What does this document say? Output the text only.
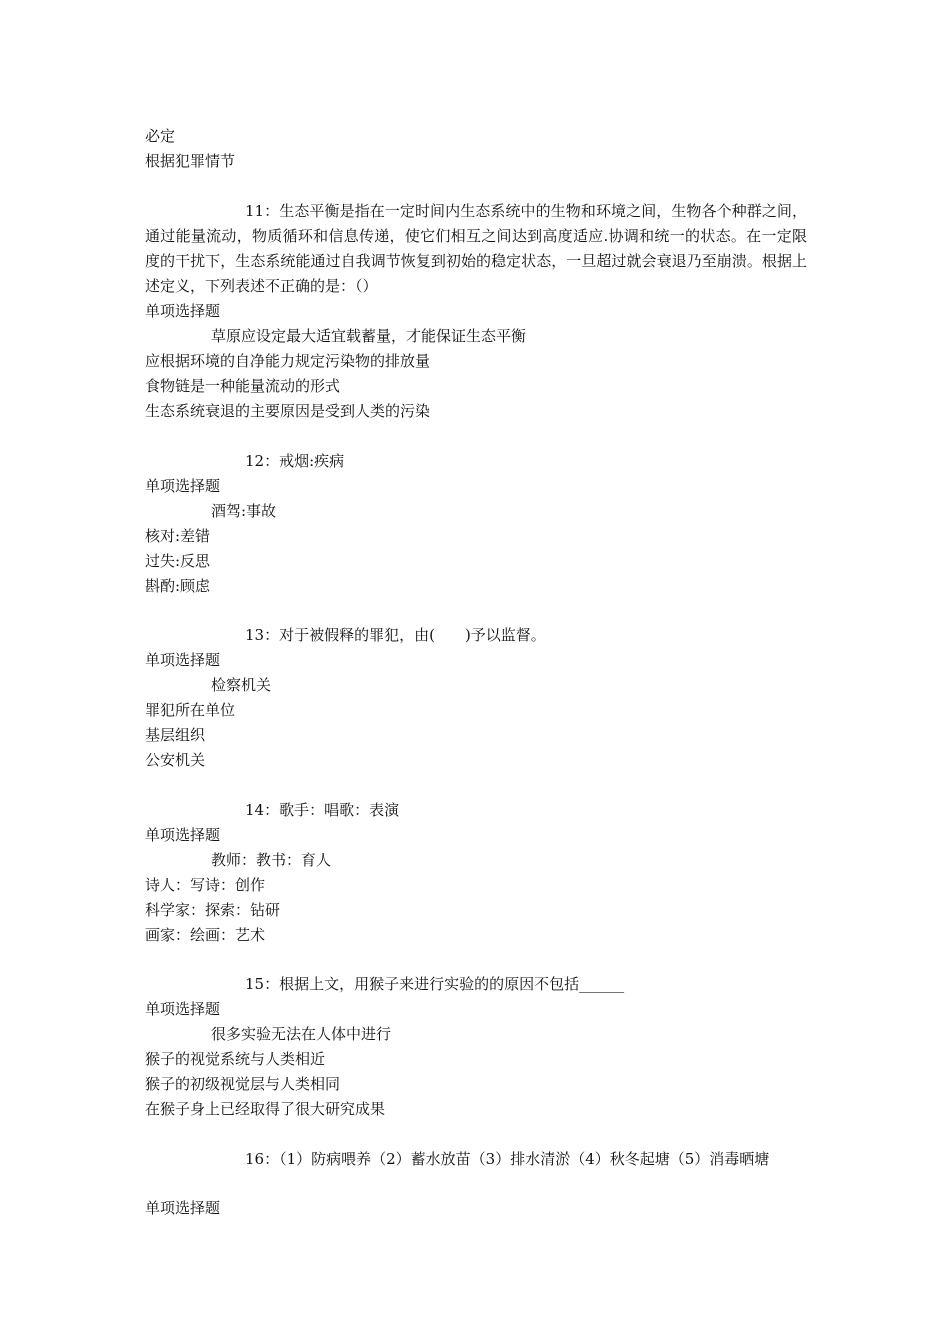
必定
根据犯罪情节
11：生态平衡是指在一定时间内生态系统中的生物和环境之间，生物各个种群之间，通过能量流动，物质循环和信息传递，使它们相互之间达到高度适应.协调和统一的状态。在一定限度的干扰下，生态系统能通过自我调节恢复到初始的稳定状态，一旦超过就会衰退乃至崩溃。根据上述定义，下列表述不正确的是：（）
单项选择题
草原应设定最大适宜载蓄量，才能保证生态平衡
应根据环境的自净能力规定污染物的排放量
食物链是一种能量流动的形式
生态系统衰退的主要原因是受到人类的污染
12：戒烟:疾病
单项选择题
酒驾:事故
核对:差错
过失:反思
斟酌:顾虑
13：对于被假释的罪犯，由(　　)予以监督。
单项选择题
检察机关
罪犯所在单位
基层组织
公安机关
14：歌手：唱歌：表演
单项选择题
教师：教书：育人
诗人：写诗：创作
科学家：探索：钻研
画家：绘画：艺术
15：根据上文，用猴子来进行实验的的原因不包括______
单项选择题
很多实验无法在人体中进行
猴子的视觉系统与人类相近
猴子的初级视觉层与人类相同
在猴子身上已经取得了很大研究成果
16：（1）防病喂养（2）蓄水放苗（3）排水清淤（4）秋冬起塘（5）消毒晒塘
单项选择题
